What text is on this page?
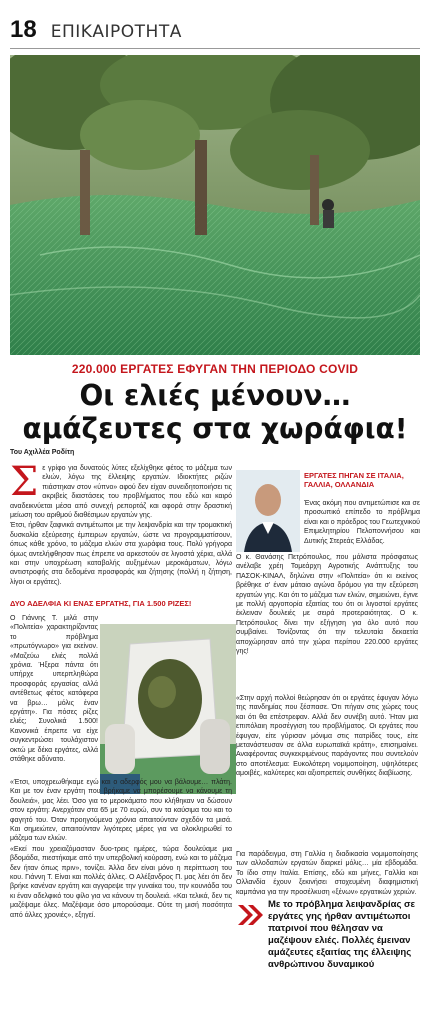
18 ΕΠΙΚΑΙΡΟΤΗΤΑ
220.000 ΕΡΓΑΤΕΣ ΕΦΥΓΑΝ ΤΗΝ ΠΕΡΙΟΔΟ COVID
Οι ελιές μένουν…
αμάζευτες στα χωράφια!
Του Αχιλλέα Ροδίτη
Σ ε γρίφο για δυνατούς λύτες εξελίχθηκε φέτος το μάζεμα των ελιών, λόγω της έλλειψης εργατών. Ιδιοκτήτες ριζών πιάστηκαν στον «ύπνο» αφού δεν είχαν συνειδητοποιήσει τις ακριβείς διαστάσεις του προβλήματος που εδώ και καιρό αναδεικνύεται μέσα από συνεχή ρεπορτάζ και αφορά στην δραστική μείωση του αριθμού διαθέσιμων εργατών γης.

Έτσι, ήρθαν ξαφνικά αντιμέτωποι με την λειψανδρία και την τρομακτική δυσκολία εξεύρεσης έμπειρων εργατών, ώστε να προγραμματίσουν, όπως κάθε χρόνο, το μάζεμα ελιών στα χωράφια τους. Πολύ γρήγορα όμως αντελήφθησαν πως έπρεπε να αρκεστούν σε λιγοστά χέρια, αλλά και στην υποχρέωση καταβολής αυξημένων μεροκάματων, λόγω αντιστροφής στα δεδομένα προσφοράς και ζήτησης (πολλή η ζήτηση, λίγοι οι εργάτες).

ΔΥΟ ΑΔΕΛΦΙΑ ΚΙ ΕΝΑΣ ΕΡΓΑΤΗΣ, ΓΙΑ 1.500 ΡΙΖΕΣ!

Ο Γιάννης Τ. μιλά στην «Πολιτεία» χαρακτηρίζοντας το πρόβλημα «πρωτόγνωρο» για εκείνον. «Μαζεύω ελιές πολλά χρόνια. Ήξερα πάντα ότι υπήρχε υπερπληθώρα προσφοράς εργασίας αλλά αντέθετως φέτος κατάφερα να βρω… μόλις έναν εργάτη». Για πόσες ρίζες ελιές; Συνολικά 1.500! Κανονικά έπρεπε να είχε συγκεντρώσει τουλάχιστον οκτώ με δέκα εργάτες, αλλά στάθηκε αδύνατο.

«Έτσι, υποχρεωθήκαμε εγώ και ο αδερφός μου να βάλουμε… πλάτη. Και με τον έναν εργάτη που βρήκαμε να μπορέσουμε να κάνουμε τη δουλειά», μας λέει. Όσο για το μεροκάματο που κλήθηκαν να δώσουν στον εργάτη: Ανερχόταν στα 65 με 70 ευρώ, συν τα καύσιμα του και το φαγητό του. Όταν προηγούμενα χρόνια απαιτούνταν σχεδόν τα μισά. Και σημειώτεν, απαιτούνταν λιγότερες μέρες για να ολοκληρωθεί το μάζεμα των ελιών.

«Εκεί που χρειαζόμασταν δυο-τρεις ημέρες, τώρα δουλεύαμε μια βδομάδα, πιεστήκαμε από την υπερβολική κούραση, ενώ και το μάζεμα δεν ήταν όπως πριν», τονίζει. Άλλα δεν είναι μόνο η περίπτωση του κου. Γιάννη Τ. Είναι και πολλές άλλες. Ο Αλέξανδρος Π. μας λέει ότι δεν βρήκε κανέναν εργάτη και αγγαρεψε την γυναίκα του, την κουνιάδα του κι έναν αδελφικό του φίλο για να κάνουν τη δουλειά. «Και τελικά, δεν τις μαζέψαμε όλες. Μαζέψαμε όσο μπορούσαμε. Ούτε τη μισή ποσότητα από άλλες χρονιές», εξηγεί.

ΕΡΓΑΤΕΣ ΠΗΓΑΝ ΣΕ ΙΤΑΛΙΑ, ΓΑΛΛΙΑ, ΟΛΛΑΝΔΙΑ
Ένας ακόμη που αντιμετώπισε και σε προσωπικό επίπεδο το πρόβλημα είναι και ο πρόεδρος του Γεωτεχνικού Επιμελητηρίου Πελοποννήσου και Δυτικής Στερεάς Ελλάδας.

Ο κ. Θανάσης Πετρόπουλος, που μάλιστα πρόσφατως ανέλαβε χρέη Τομεάρχη Αγροτικής Ανάπτυξης του ΠΑΣΟΚ-ΚΙΝΑΛ, δηλώνει στην «Πολιτεία» ότι κι εκείνος βρέθηκε σ' έναν μάταιο αγώνα δρόμου για την εξεύρεση εργατών γης. Και ότι το μάζεμα των ελιών, σημειώνει, έγινε με πολλή αργοπορία εξαιτίας του ότι οι λιγοστοί εργάτες έκλειναν δουλειές με σειρά προτεραιότητας. Ο κ. Πετρόπουλος δίνει την εξήγηση για όλο αυτό που συμβαίνει. Τονίζοντας ότι την τελευταία δεκαετία αποχώρησαν από την χώρα περίπου 220.000 εργάτες γης!

«Στην αρχή πολλοί θεώρησαν ότι οι εργάτες έφυγαν λόγω της πανδημίας που ξέσπασε. Ότι πήγαν στις χώρες τους και ότι θα επέστρεφαν. Αλλά δεν συνέβη αυτό. Ήταν μια επιπόλαιη προσέγγιση του προβλήματος. Οι εργάτες που έφυγαν, είτε γύρισαν μόνιμα στις πατρίδες τους, είτε μετανάστευσαν σε άλλα ευρωπαϊκά κράτη», επισημαίνει. Αναφέροντας συγκεκριμένους παράγοντες που συντελούν στο αποτέλεσμα: Ευκολότερη νομιμοποίηση, υψηλότερες αμοιβές, καλύτερες και αξιοπρεπείς συνθήκες διαβίωσης.

Για παράδειγμα, στη Γαλλία η διαδικασία νομιμοποίησης των αλλοδαπών εργατών διαρκεί μόλις… μία εβδομάδα. Το ίδιο στην Ιταλία. Επίσης, εδώ και μήνες, Γαλλία και Ολλανδία έχουν ξεκινήσει στοχευμένη διαφημιστική καμπάνια για την προσέλκυση «ξένων» εργατικών χεριών.

Με το πρόβλημα λειψανδρίας σε εργάτες γης ήρθαν αντιμέτωποι πατρινοί που θέλησαν να μαζέψουν ελιές. Πολλές έμειναν αμάζευτες εξαιτίας της έλλειψης ανθρώπινου δυναμικού
